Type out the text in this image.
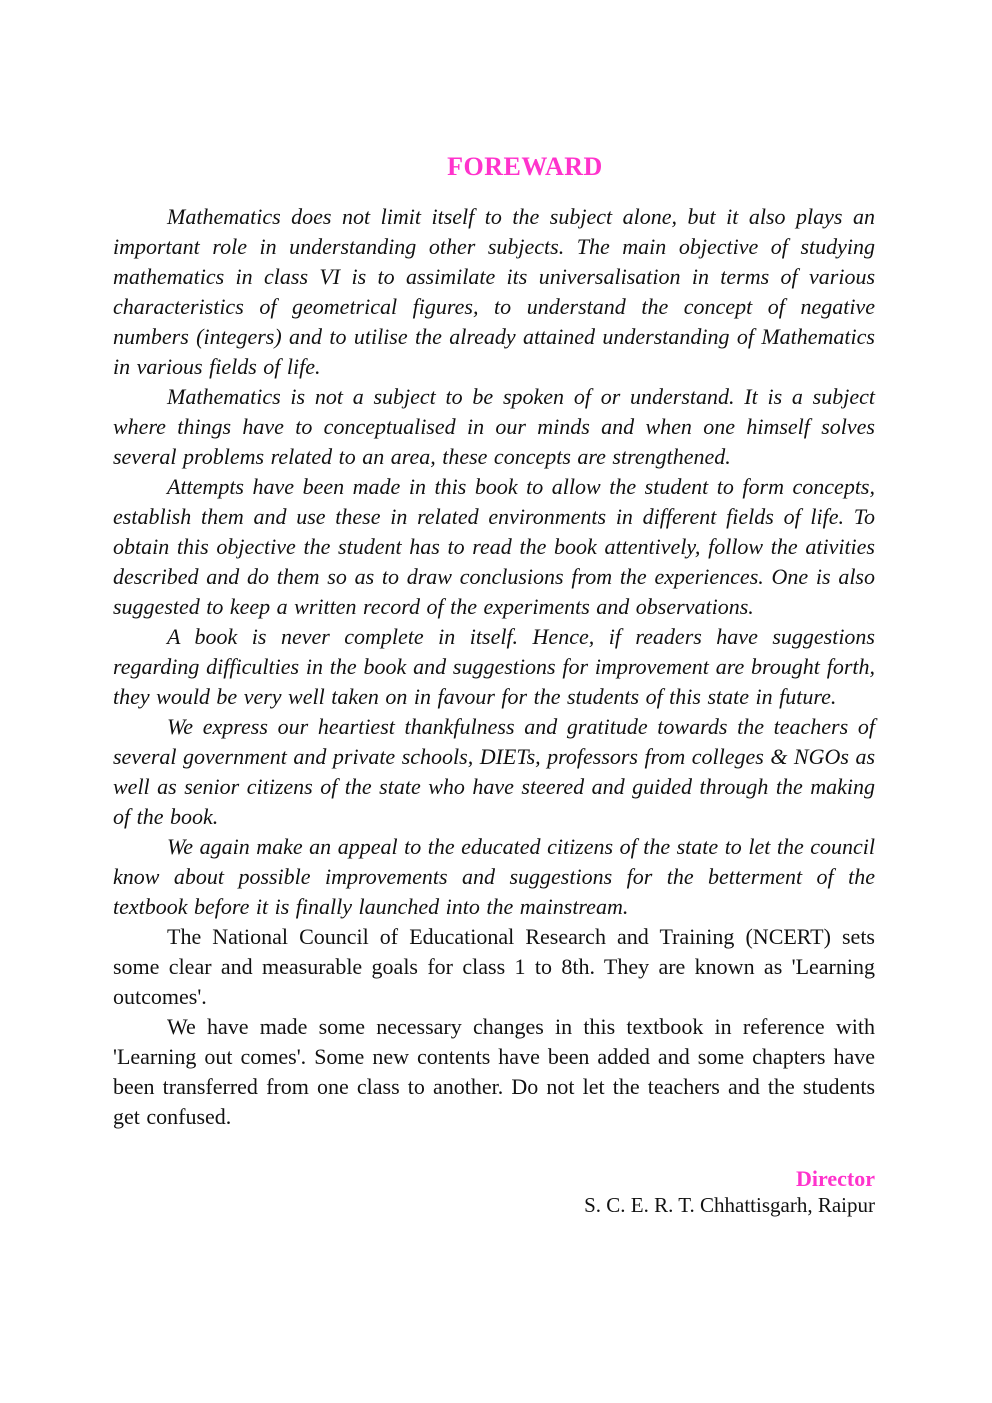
FOREWARD

Mathematics does not limit itself to the subject alone, but it also plays an important role in understanding other subjects. The main objective of studying mathematics in class VI is to assimilate its universalisation in terms of various characteristics of geometrical figures, to understand the concept of negative numbers (integers) and to utilise the already attained understanding of Mathematics in various fields of life.

Mathematics is not a subject to be spoken of or understand. It is a subject where things have to conceptualised in our minds and when one himself solves several problems related to an area, these concepts are strengthened.

Attempts have been made in this book to allow the student to form concepts, establish them and use these in related environments in different fields of life. To obtain this objective the student has to read the book attentively, follow the ativities described and do them so as to draw conclusions from the experiences. One is also suggested to keep a written record of the experiments and observations.

A book is never complete in itself. Hence, if readers have suggestions regarding difficulties in the book and suggestions for improvement are brought forth, they would be very well taken on in favour for the students of this state in future.

We express our heartiest thankfulness and gratitude towards the teachers of several government and private schools, DIETs, professors from colleges & NGOs as well as senior citizens of the state who have steered and guided through the making of the book.

We again make an appeal to the educated citizens of the state to let the council know about possible improvements and suggestions for the betterment of the textbook before it is finally launched into the mainstream.

The National Council of Educational Research and Training (NCERT) sets some clear and measurable goals for class 1 to 8th. They are known as 'Learning outcomes'.

We have made some necessary changes in this textbook in reference with 'Learning out comes'. Some new contents have been added and some chapters have been transferred from one class to another. Do not let the teachers and the students get confused.

Director
S. C. E. R. T. Chhattisgarh, Raipur
